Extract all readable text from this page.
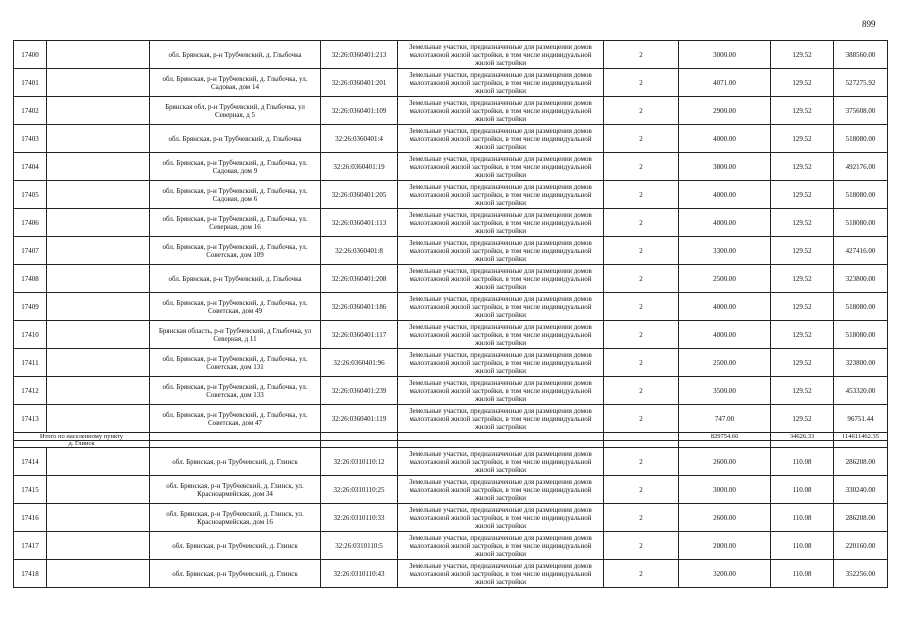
899
17400		обл. Брянская, р-н Трубчевский, д. Глыбочка	32:26:0360401:213	Земельные участки, предназначенные для размещения домов малоэтажной жилой застройки, в том числе индивидуальной жилой застройки	2	3000.00	129.52	388560.00
17401		обл. Брянская, р-н Трубчевский, д. Глыбочка, ул. Садовая, дом 14	32:26:0360401:201	Земельные участки, предназначенные для размещения домов малоэтажной жилой застройки, в том числе индивидуальной жилой застройки	2	4071.00	129.52	527275.92
17402		Брянская обл, р-н Трубчевский, д Глыбочка, ул Северная, д 5	32:26:0360401:109	Земельные участки, предназначенные для размещения домов малоэтажной жилой застройки, в том числе индивидуальной жилой застройки	2	2900.00	129.52	375608.00
17403		обл. Брянская, р-н Трубчевский, д. Глыбочка	32:26:0360401:4	Земельные участки, предназначенные для размещения домов малоэтажной жилой застройки, в том числе индивидуальной жилой застройки	2	4000.00	129.52	518080.00
17404		обл. Брянская, р-н Трубчевский, д. Глыбочка, ул. Садовая, дом 9	32:26:0360401:19	Земельные участки, предназначенные для размещения домов малоэтажной жилой застройки, в том числе индивидуальной жилой застройки	2	3800.00	129.52	492176.00
17405		обл. Брянская, р-н Трубчевский, д. Глыбочка, ул. Садовая, дом 6	32:26:0360401:205	Земельные участки, предназначенные для размещения домов малоэтажной жилой застройки, в том числе индивидуальной жилой застройки	2	4000.00	129.52	518080.00
17406		обл. Брянская, р-н Трубчевский, д. Глыбочка, ул. Северная, дом 16	32:26:0360401:113	Земельные участки, предназначенные для размещения домов малоэтажной жилой застройки, в том числе индивидуальной жилой застройки	2	4000.00	129.52	518080.00
17407		обл. Брянская, р-н Трубчевский, д. Глыбочка, ул. Советская, дом 109	32:26:0360401:8	Земельные участки, предназначенные для размещения домов малоэтажной жилой застройки, в том числе индивидуальной жилой застройки	2	3300.00	129.52	427416.00
17408		обл. Брянская, р-н Трубчевский, д. Глыбочка	32:26:0360401:208	Земельные участки, предназначенные для размещения домов малоэтажной жилой застройки, в том числе индивидуальной жилой застройки	2	2500.00	129.52	323800.00
17409		обл. Брянская, р-н Трубчевский, д. Глыбочка, ул. Советская, дом 49	32:26:0360401:186	Земельные участки, предназначенные для размещения домов малоэтажной жилой застройки, в том числе индивидуальной жилой застройки	2	4000.00	129.52	518080.00
17410		Брянская область, р-н Трубчевский, д Глыбочка, ул Северная, д 11	32:26:0360401:117	Земельные участки, предназначенные для размещения домов малоэтажной жилой застройки, в том числе индивидуальной жилой застройки	2	4000.00	129.52	518080.00
17411		обл. Брянская, р-н Трубчевский, д. Глыбочка, ул. Советская, дом 131	32:26:0360401:96	Земельные участки, предназначенные для размещения домов малоэтажной жилой застройки, в том числе индивидуальной жилой застройки	2	2500.00	129.52	323800.00
17412		обл. Брянская, р-н Трубчевский, д. Глыбочка, ул. Советская, дом 133	32:26:0360401:239	Земельные участки, предназначенные для размещения домов малоэтажной жилой застройки, в том числе индивидуальной жилой застройки	2	3500.00	129.52	453320.00
17413		обл. Брянская, р-н Трубчевский, д. Глыбочка, ул. Советская, дом 47	32:26:0360401:119	Земельные участки, предназначенные для размещения домов малоэтажной жилой застройки, в том числе индивидуальной жилой застройки	2	747.00	129.52	96751.44
Итого по населенному пункту						829754.66	34626.33	114611462.35
д. Глинск								
17414		обл. Брянская, р-н Трубчевский, д. Глинск	32:26:0310110:12	Земельные участки, предназначенные для размещения домов малоэтажной жилой застройки, в том числе индивидуальной жилой застройки	2	2600.00	110.08	286208.00
17415		обл. Брянская, р-н Трубчевский, д. Глинск, ул. Красноармейская, дом 34	32:26:0310110:25	Земельные участки, предназначенные для размещения домов малоэтажной жилой застройки, в том числе индивидуальной жилой застройки	2	3000.00	110.08	330240.00
17416		обл. Брянская, р-н Трубчевский, д. Глинск, ул. Красноармейская, дом 16	32:26:0310110:33	Земельные участки, предназначенные для размещения домов малоэтажной жилой застройки, в том числе индивидуальной жилой застройки	2	2600.00	110.08	286208.00
17417		обл. Брянская, р-н Трубчевский, д. Глинск	32:26:0310110:5	Земельные участки, предназначенные для размещения домов малоэтажной жилой застройки, в том числе индивидуальной жилой застройки	2	2000.00	110.08	220160.00
17418		обл. Брянская, р-н Трубчевский, д. Глинск	32:26:0310110:43	Земельные участки, предназначенные для размещения домов малоэтажной жилой застройки, в том числе индивидуальной жилой застройки	2	3200.00	110.08	352256.00
